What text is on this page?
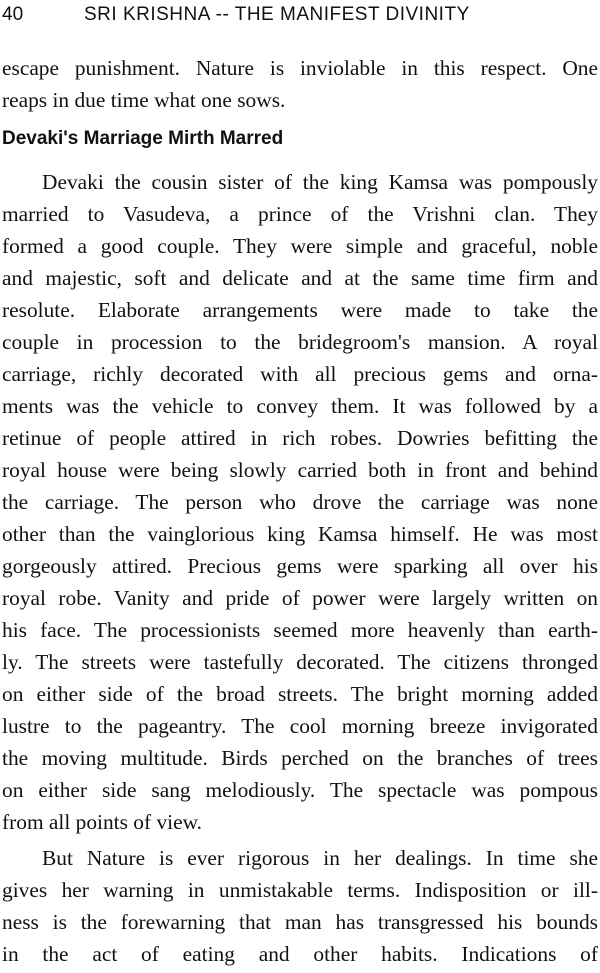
40	SRI KRISHNA -- THE MANIFEST DIVINITY
escape punishment. Nature is inviolable in this respect. One
reaps in due time what one sows.
Devaki's Marriage Mirth Marred
Devaki the cousin sister of the king Kamsa was pompously
married to Vasudeva, a prince of the Vrishni clan. They
formed a good couple. They were simple and graceful, noble
and majestic, soft and delicate and at the same time firm and
resolute. Elaborate arrangements were made to take the
couple in procession to the bridegroom's mansion. A royal
carriage, richly decorated with all precious gems and orna-
ments was the vehicle to convey them. It was followed by a
retinue of people attired in rich robes. Dowries befitting the
royal house were being slowly carried both in front and behind
the carriage. The person who drove the carriage was none
other than the vainglorious king Kamsa himself. He was most
gorgeously attired. Precious gems were sparking all over his
royal robe. Vanity and pride of power were largely written on
his face. The processionists seemed more heavenly than earth-
ly. The streets were tastefully decorated. The citizens thronged
on either side of the broad streets. The bright morning added
lustre to the pageantry. The cool morning breeze invigorated
the moving multitude. Birds perched on the branches of trees
on either side sang melodiously. The spectacle was pompous
from all points of view.
But Nature is ever rigorous in her dealings. In time she
gives her warning in unmistakable terms. Indisposition or ill-
ness is the forewarning that man has transgressed his bounds
in the act of eating and other habits. Indications of
